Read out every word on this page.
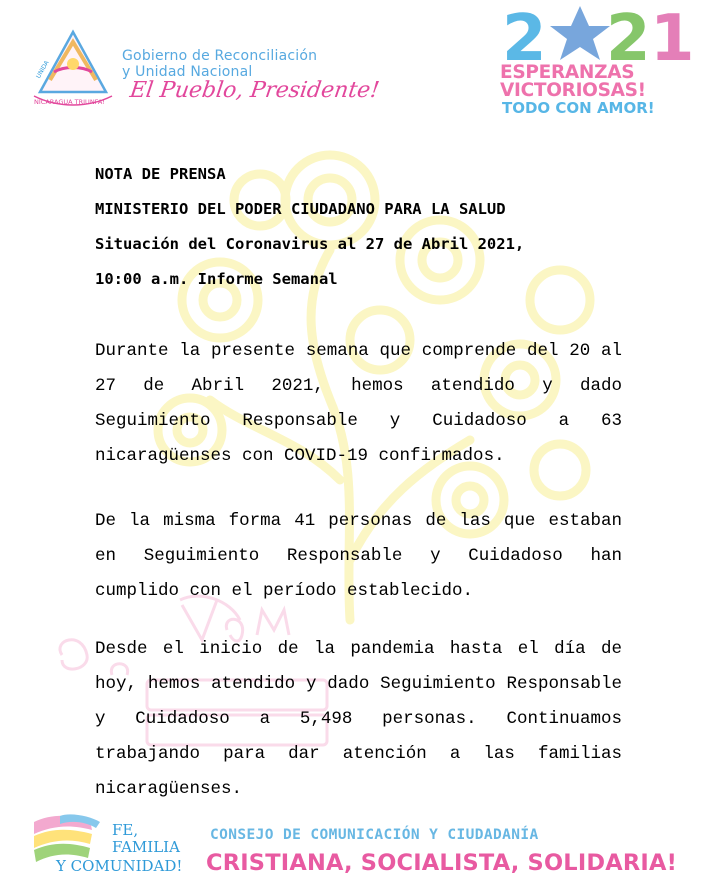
UNIDA
NICARAGUA TRIUNFA!
Gobierno de Reconciliación
y Unidad Nacional
El Pueblo, Presidente!
2 2 1
ESPERANZAS
VICTORIOSAS!
TODO CON AMOR!
NOTA DE PRENSA
MINISTERIO DEL PODER CIUDADANO PARA LA SALUD
Situación del Coronavirus al 27 de Abril 2021,
10:00 a.m. Informe Semanal
Durante la presente semana que comprende del 20 al 27 de Abril 2021, hemos atendido y dado Seguimiento Responsable y Cuidadoso a 63 nicaragüenses con COVID-19 confirmados.
De la misma forma 41 personas de las que estaban en Seguimiento Responsable y Cuidadoso han cumplido con el período establecido.
Desde el inicio de la pandemia hasta el día de hoy, hemos atendido y dado Seguimiento Responsable y Cuidadoso a 5,498 personas. Continuamos trabajando para dar atención a las familias nicaragüenses.
FE,
FAMILIA
Y COMUNIDAD!
CONSEJO DE COMUNICACIÓN Y CIUDADANÍA
CRISTIANA, SOCIALISTA, SOLIDARIA!
